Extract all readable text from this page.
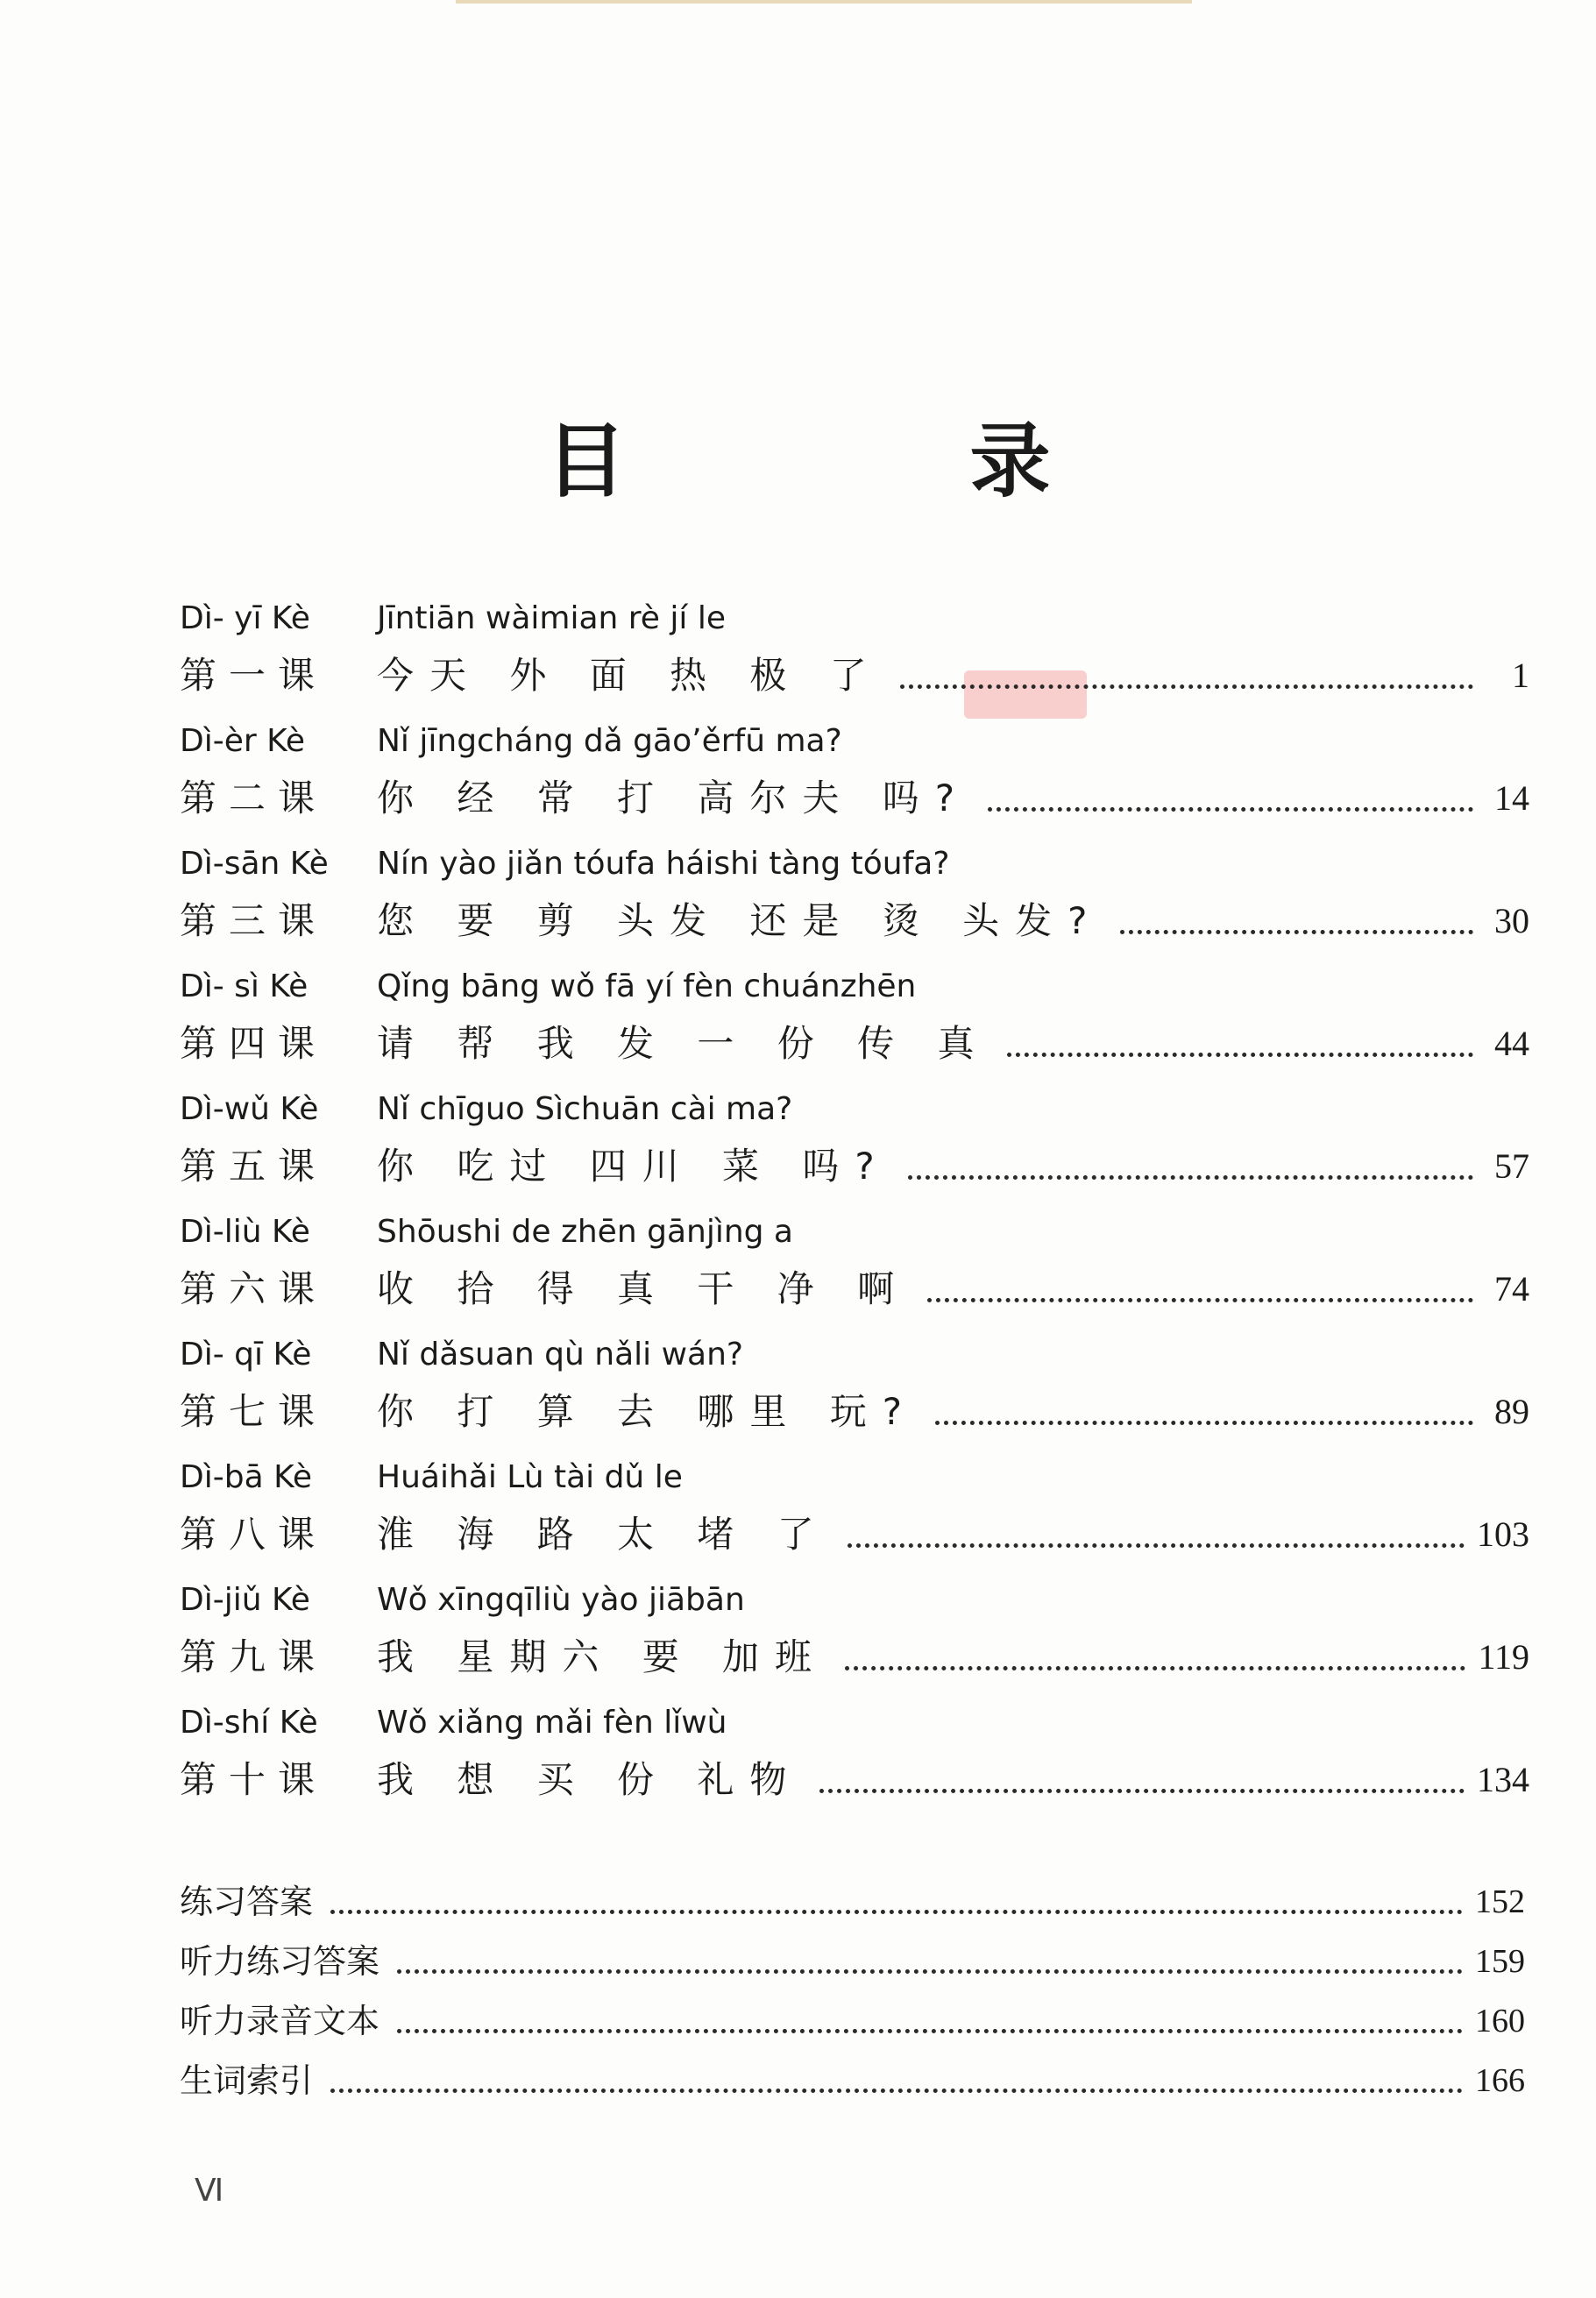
目 录
Dì- yī Kè Jīntiān wàimian rè jí le
第一课	今天 外 面 热 极 了	1
Dì-èr Kè Nǐ jīngcháng dǎ gāo’ěrfū ma?
第二课	你 经 常 打 高尔夫 吗?	14
Dì-sān Kè Nín yào jiǎn tóufa háishi tàng tóufa?
第三课	您 要 剪 头发 还是 烫 头发?	30
Dì- sì Kè Qǐng bāng wǒ fā yí fèn chuánzhēn
第四课	请 帮 我 发 一 份 传 真	44
Dì-wǔ Kè Nǐ chīguo Sìchuān cài ma?
第五课	你 吃过 四川 菜 吗?	57
Dì-liù Kè Shōushi de zhēn gānjìng a
第六课	收 拾 得 真 干 净 啊	74
Dì- qī Kè Nǐ dǎsuan qù nǎli wán?
第七课	你 打 算 去 哪里 玩?	89
Dì-bā Kè Huáihǎi Lù tài dǔ le
第八课	淮 海 路 太 堵 了	103
Dì-jiǔ Kè Wǒ xīngqīliù yào jiābān
第九课	我 星期六 要 加班	119
Dì-shí Kè Wǒ xiǎng mǎi fèn lǐwù
第十课	我 想 买 份 礼物	134
练习答案	152
听力练习答案	159
听力录音文本	160
生词索引	166
Ⅵ
